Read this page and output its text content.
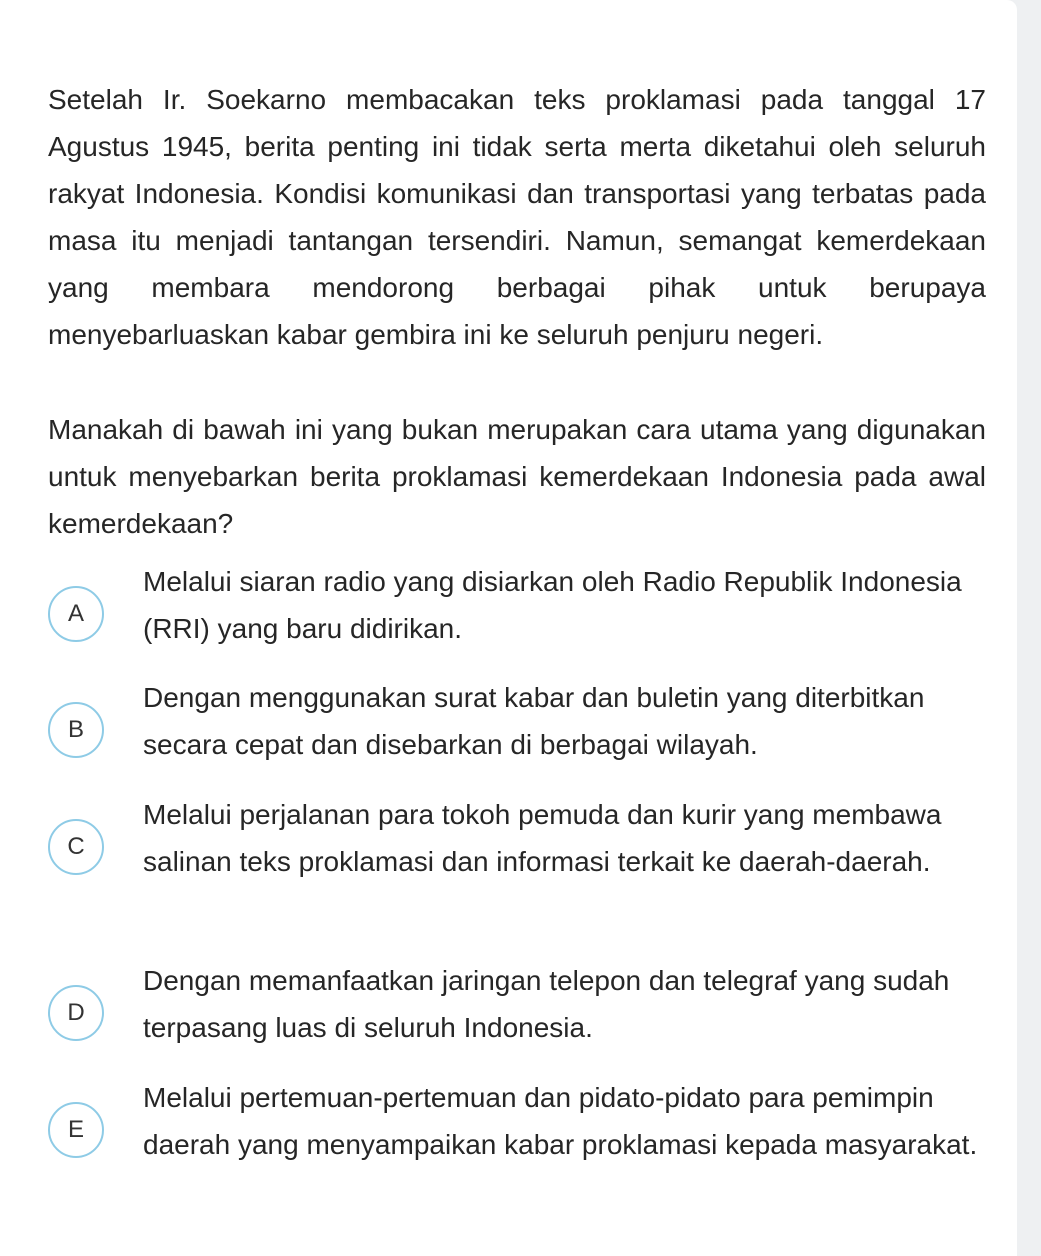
Setelah Ir. Soekarno membacakan teks proklamasi pada tanggal 17 Agustus 1945, berita penting ini tidak serta merta diketahui oleh seluruh rakyat Indonesia. Kondisi komunikasi dan transportasi yang terbatas pada masa itu menjadi tantangan tersendiri. Namun, semangat kemerdekaan yang membara mendorong berbagai pihak untuk berupaya menyebarluaskan kabar gembira ini ke seluruh penjuru negeri.

Manakah di bawah ini yang bukan merupakan cara utama yang digunakan untuk menyebarkan berita proklamasi kemerdekaan Indonesia pada awal kemerdekaan?

A

Melalui siaran radio yang disiarkan oleh Radio Republik Indonesia (RRI) yang baru didirikan.

B

Dengan menggunakan surat kabar dan buletin yang diterbitkan secara cepat dan disebarkan di berbagai wilayah.

C

Melalui perjalanan para tokoh pemuda dan kurir yang membawa salinan teks proklamasi dan informasi terkait ke daerah-daerah.

D

Dengan memanfaatkan jaringan telepon dan telegraf yang sudah terpasang luas di seluruh Indonesia.

E

Melalui pertemuan-pertemuan dan pidato-pidato para pemimpin daerah yang menyampaikan kabar proklamasi kepada masyarakat.
